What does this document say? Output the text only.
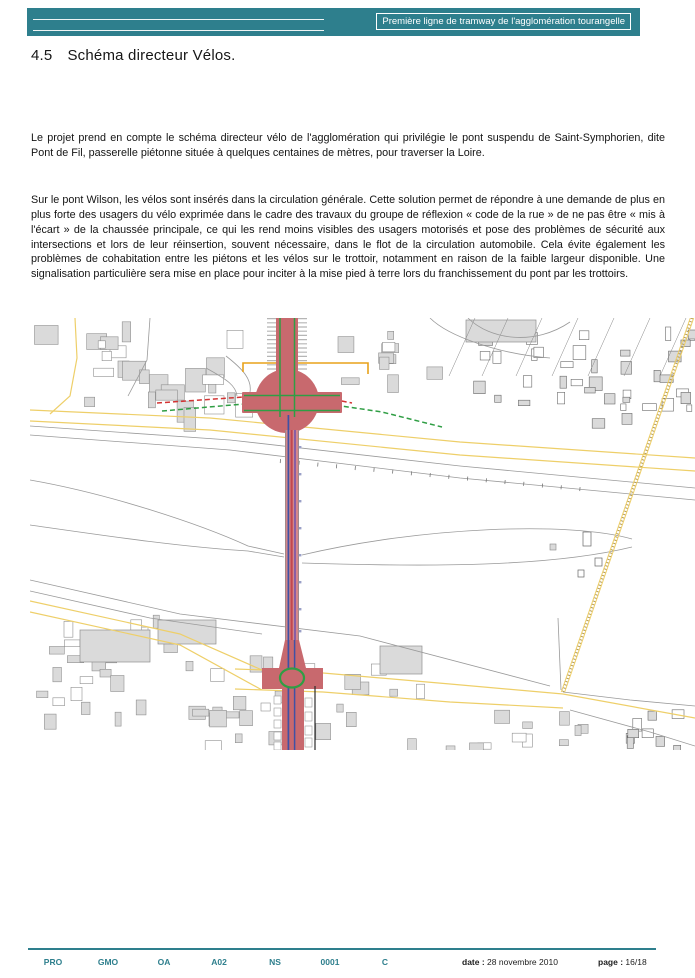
Première ligne de tramway de l'agglomération tourangelle
4.5 Schéma directeur Vélos.

Le projet prend en compte le schéma directeur vélo de l'agglomération qui privilégie le pont suspendu de Saint-Symphorien, dite Pont de Fil, passerelle piétonne située à quelques centaines de mètres, pour traverser la Loire.

Sur le pont Wilson, les vélos sont insérés dans la circulation générale. Cette solution permet de répondre à une demande de plus en plus forte des usagers du vélo exprimée dans le cadre des travaux du groupe de réflexion « code de la rue » de ne pas être « mis à l'écart » de la chaussée principale, ce qui les rend moins visibles des usagers motorisés et pose des problèmes de sécurité aux intersections et lors de leur réinsertion, souvent nécessaire, dans le flot de la circulation automobile. Cela évite également les problèmes de cohabitation entre les piétons et les vélos sur le trottoir, notamment en raison de la faible largeur disponible. Une signalisation particulière sera mise en place pour inciter à la mise pied à terre lors du franchissement du pont par les trottoirs.

PRO	GMO	OA	A02	NS	0001	C	date : 28 novembre 2010	page : 16/18
